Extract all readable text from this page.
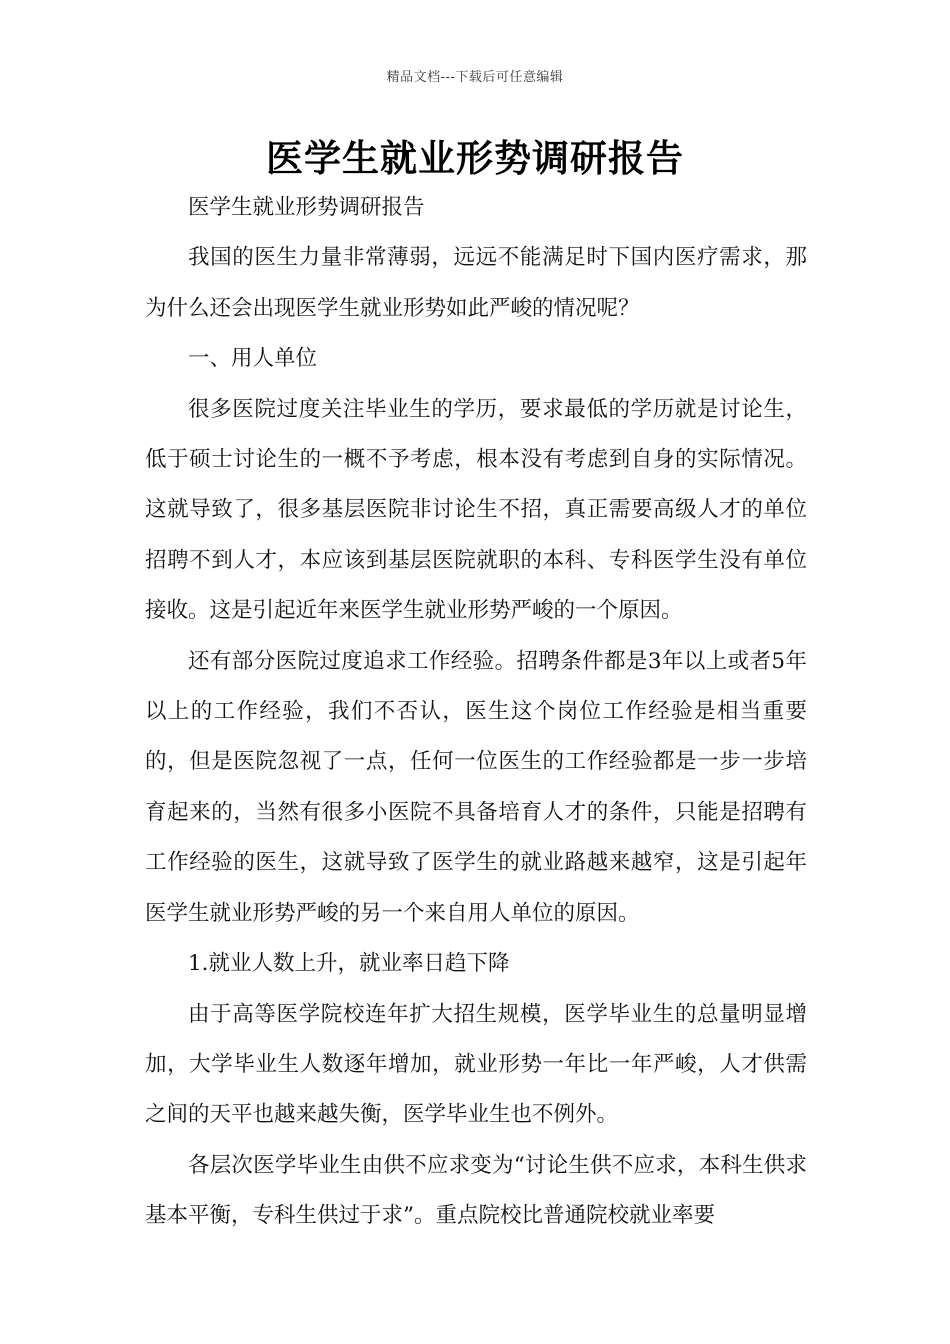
精品文档---下载后可任意编辑
医学生就业形势调研报告

医学生就业形势调研报告

我国的医生力量非常薄弱，远远不能满足时下国内医疗需求，那为什么还会出现医学生就业形势如此严峻的情况呢？

一、用人单位

很多医院过度关注毕业生的学历，要求最低的学历就是讨论生，低于硕士讨论生的一概不予考虑，根本没有考虑到自身的实际情况。这就导致了，很多基层医院非讨论生不招，真正需要高级人才的单位招聘不到人才，本应该到基层医院就职的本科、专科医学生没有单位接收。这是引起近年来医学生就业形势严峻的一个原因。

还有部分医院过度追求工作经验。招聘条件都是3年以上或者5年以上的工作经验，我们不否认，医生这个岗位工作经验是相当重要的，但是医院忽视了一点，任何一位医生的工作经验都是一步一步培育起来的，当然有很多小医院不具备培育人才的条件，只能是招聘有工作经验的医生，这就导致了医学生的就业路越来越窄，这是引起年医学生就业形势严峻的另一个来自用人单位的原因。

1.就业人数上升，就业率日趋下降

由于高等医学院校连年扩大招生规模，医学毕业生的总量明显增加，大学毕业生人数逐年增加，就业形势一年比一年严峻，人才供需之间的天平也越来越失衡，医学毕业生也不例外。

各层次医学毕业生由供不应求变为“讨论生供不应求，本科生供求基本平衡，专科生供过于求”。重点院校比普通院校就业率要
